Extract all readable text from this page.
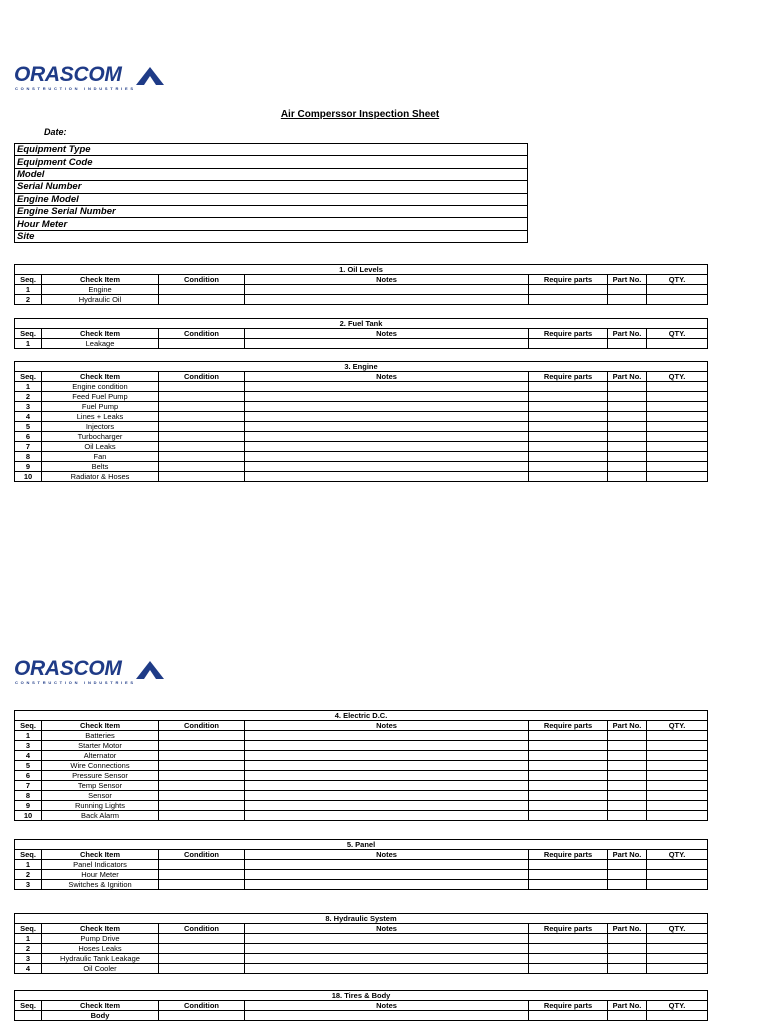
ORASCOM
CONSTRUCTION INDUSTRIES
Air Comperssor Inspection Sheet
Date:
Equipment Type
Equipment Code
Model
Serial Number
Engine Model
Engine Serial Number
Hour Meter
Site
1. Oil Levels						
Seq.	Check Item	Condition	Notes	Require parts	Part No.	QTY.
1	Engine					
2	Hydraulic Oil					
2. Fuel Tank						
Seq.	Check Item	Condition	Notes	Require parts	Part No.	QTY.
1	Leakage					
3. Engine						
Seq.	Check Item	Condition	Notes	Require parts	Part No.	QTY.
1	Engine condition					
2	Feed Fuel Pump					
3	Fuel Pump					
4	Lines + Leaks					
5	Injectors					
6	Turbocharger					
7	Oil Leaks					
8	Fan					
9	Belts					
10	Radiator & Hoses					
ORASCOM
CONSTRUCTION INDUSTRIES
4. Electric D.C.						
Seq.	Check Item	Condition	Notes	Require parts	Part No.	QTY.
1	Batteries					
3	Starter Motor					
4	Alternator					
5	Wire Connections					
6	Pressure Sensor					
7	Temp Sensor					
8	Sensor					
9	Running Lights					
10	Back Alarm					
5. Panel						
Seq.	Check Item	Condition	Notes	Require parts	Part No.	QTY.
1	Panel Indicators					
2	Hour Meter					
3	Switches & Ignition					
8. Hydraulic System						
Seq.	Check Item	Condition	Notes	Require parts	Part No.	QTY.
1	Pump Drive					
2	Hoses Leaks					
3	Hydraulic Tank Leakage					
4	Oil Cooler					
18. Tires & Body						
Seq.	Check Item	Condition	Notes	Require parts	Part No.	QTY.
	Body					
